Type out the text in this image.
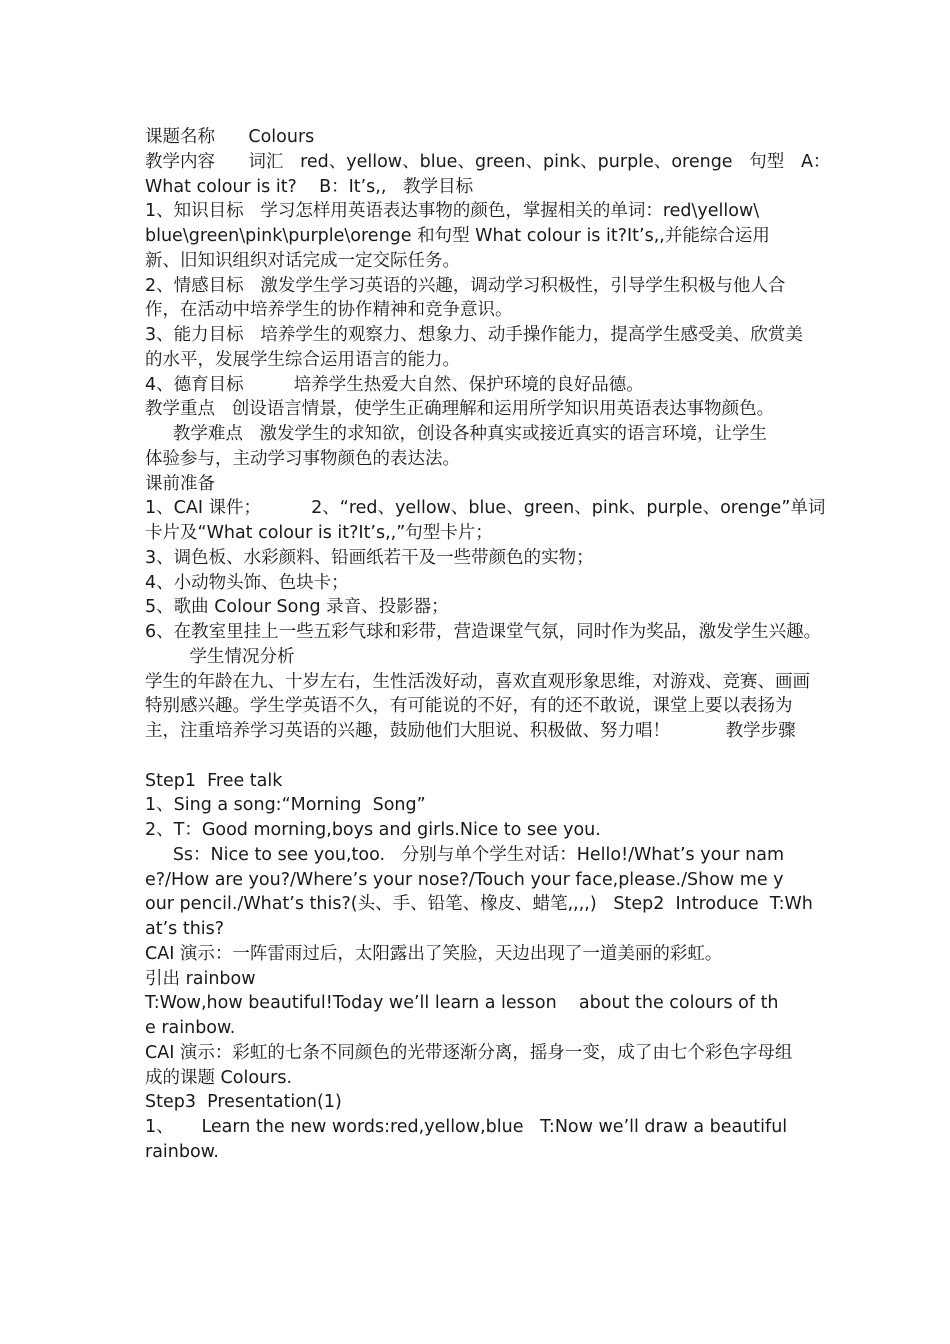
课题名称      Colours
教学内容      词汇   red、yellow、blue、green、pink、purple、orenge   句型   A：
What colour is it?    B：It’s,,   教学目标
1、知识目标   学习怎样用英语表达事物的颜色，掌握相关的单词：red\yellow\
blue\green\pink\purple\orenge 和句型 What colour is it?It’s,,并能综合运用
新、旧知识组织对话完成一定交际任务。
2、情感目标   激发学生学习英语的兴趣，调动学习积极性，引导学生积极与他人合
作，在活动中培养学生的协作精神和竞争意识。
3、能力目标   培养学生的观察力、想象力、动手操作能力，提高学生感受美、欣赏美
的水平，发展学生综合运用语言的能力。
4、德育目标         培养学生热爱大自然、保护环境的良好品德。
教学重点   创设语言情景，使学生正确理解和运用所学知识用英语表达事物颜色。
教学难点   激发学生的求知欲，创设各种真实或接近真实的语言环境，让学生
体验参与，主动学习事物颜色的表达法。
课前准备
1、CAI 课件；         2、“red、yellow、blue、green、pink、purple、orenge”单词
卡片及“What colour is it?It’s,,”句型卡片；
3、调色板、水彩颜料、铅画纸若干及一些带颜色的实物；
4、小动物头饰、色块卡；
5、歌曲 Colour Song 录音、投影器；
6、在教室里挂上一些五彩气球和彩带，营造课堂气氛，同时作为奖品，激发学生兴趣。
学生情况分析
学生的年龄在九、十岁左右，生性活泼好动，喜欢直观形象思维，对游戏、竞赛、画画
特别感兴趣。学生学英语不久，有可能说的不好，有的还不敢说，课堂上要以表扬为
主，注重培养学习英语的兴趣，鼓励他们大胆说、积极做、努力唱！          教学步骤
Step1  Free talk
1、Sing a song:“Morning  Song”
2、T：Good morning,boys and girls.Nice to see you.
Ss：Nice to see you,too.   分别与单个学生对话：Hello!/What’s your nam
e?/How are you?/Where’s your nose?/Touch your face,please./Show me y
our pencil./What’s this?(头、手、铅笔、橡皮、蜡笔,,,,)   Step2  Introduce  T:Wh
at’s this?
CAI 演示：一阵雷雨过后，太阳露出了笑脸，天边出现了一道美丽的彩虹。
引出 rainbow
T:Wow,how beautiful!Today we’ll learn a lesson    about the colours of th
e rainbow.
CAI 演示：彩虹的七条不同颜色的光带逐渐分离，摇身一变，成了由七个彩色字母组
成的课题 Colours.
Step3  Presentation(1)
1、     Learn the new words:red,yellow,blue   T:Now we’ll draw a beautiful
rainbow.
